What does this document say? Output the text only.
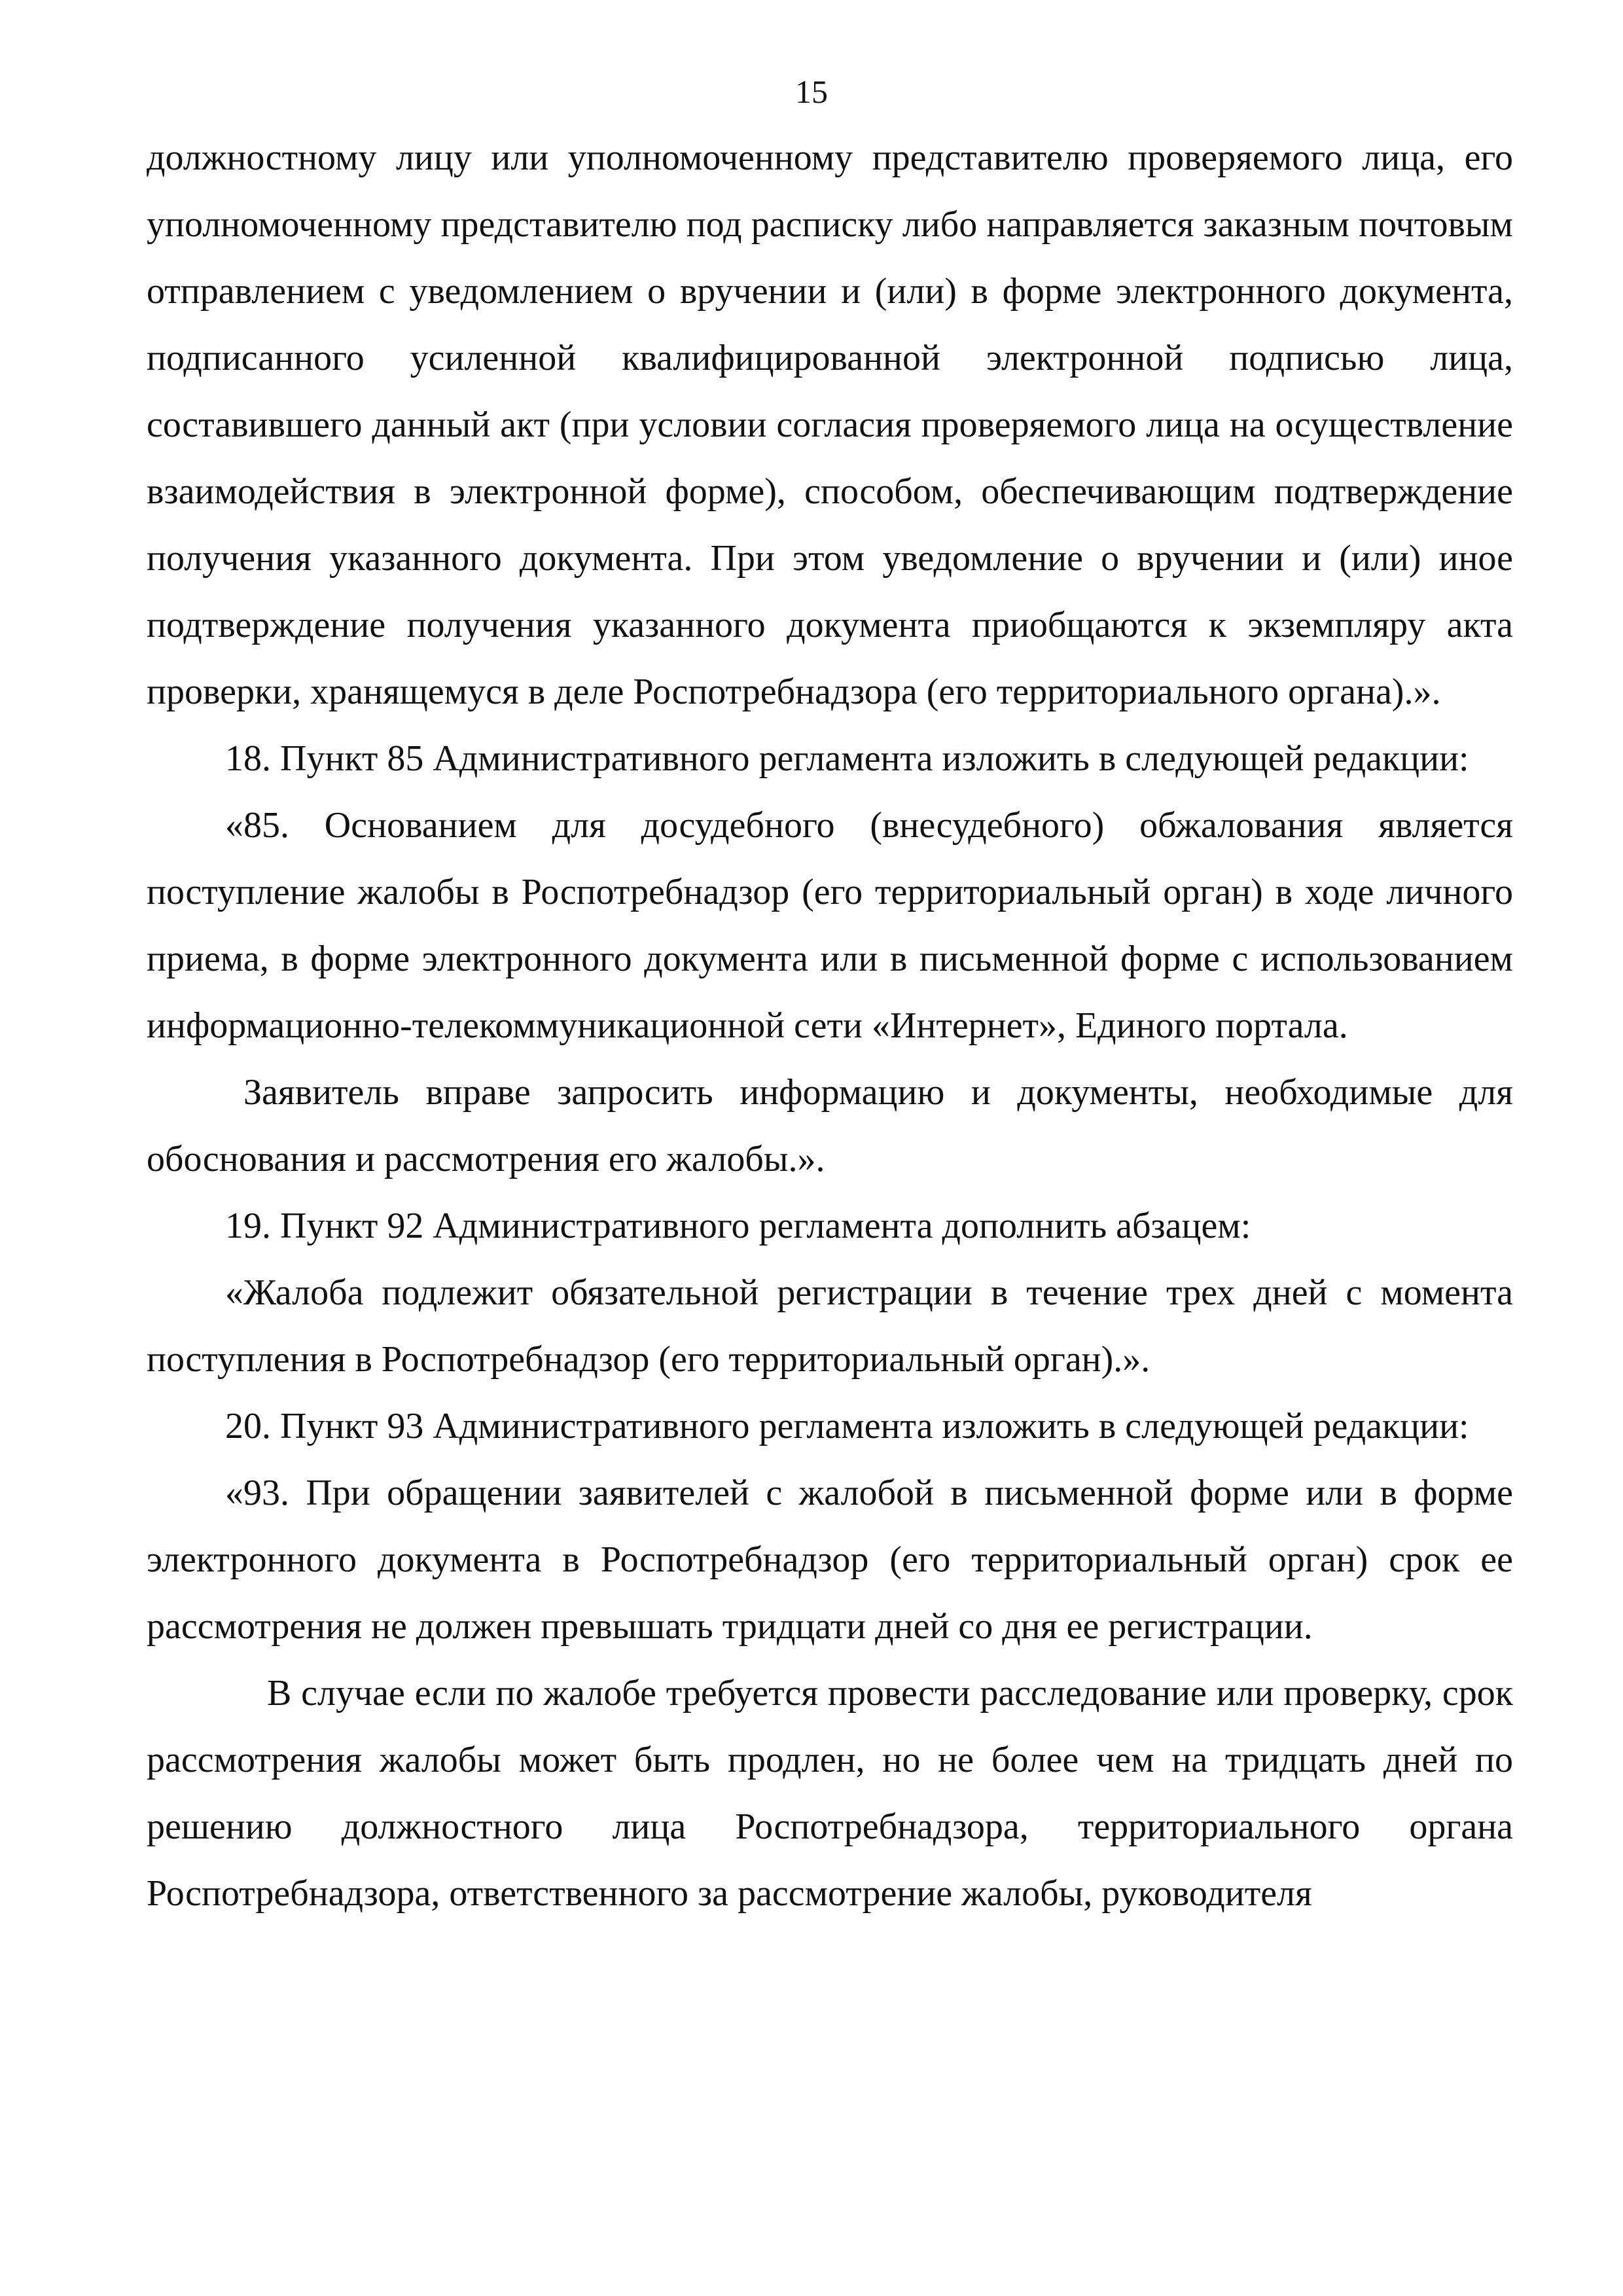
15

должностному лицу или уполномоченному представителю проверяемого лица, его уполномоченному представителю под расписку либо направляется заказным почтовым отправлением с уведомлением о вручении и (или) в форме электронного документа, подписанного усиленной квалифицированной электронной подписью лица, составившего данный акт (при условии согласия проверяемого лица на осуществление взаимодействия в электронной форме), способом, обеспечивающим подтверждение получения указанного документа. При этом уведомление о вручении и (или) иное подтверждение получения указанного документа приобщаются к экземпляру акта проверки, хранящемуся в деле Роспотребнадзора (его территориального органа).».

18. Пункт 85 Административного регламента изложить в следующей редакции:

«85. Основанием для досудебного (внесудебного) обжалования является поступление жалобы в Роспотребнадзор (его территориальный орган) в ходе личного приема, в форме электронного документа или в письменной форме с использованием информационно-телекоммуникационной сети «Интернет», Единого портала.

Заявитель вправе запросить информацию и документы, необходимые для обоснования и рассмотрения его жалобы.».

19. Пункт 92 Административного регламента дополнить абзацем:

«Жалоба подлежит обязательной регистрации в течение трех дней с момента поступления в Роспотребнадзор (его территориальный орган).».

20. Пункт 93 Административного регламента изложить в следующей редакции:

«93. При обращении заявителей с жалобой в письменной форме или в форме электронного документа в Роспотребнадзор (его территориальный орган) срок ее рассмотрения не должен превышать тридцати дней со дня ее регистрации.

В случае если по жалобе требуется провести расследование или проверку, срок рассмотрения жалобы может быть продлен, но не более чем на тридцать дней по решению должностного лица Роспотребнадзора, территориального органа Роспотребнадзора, ответственного за рассмотрение жалобы, руководителя
